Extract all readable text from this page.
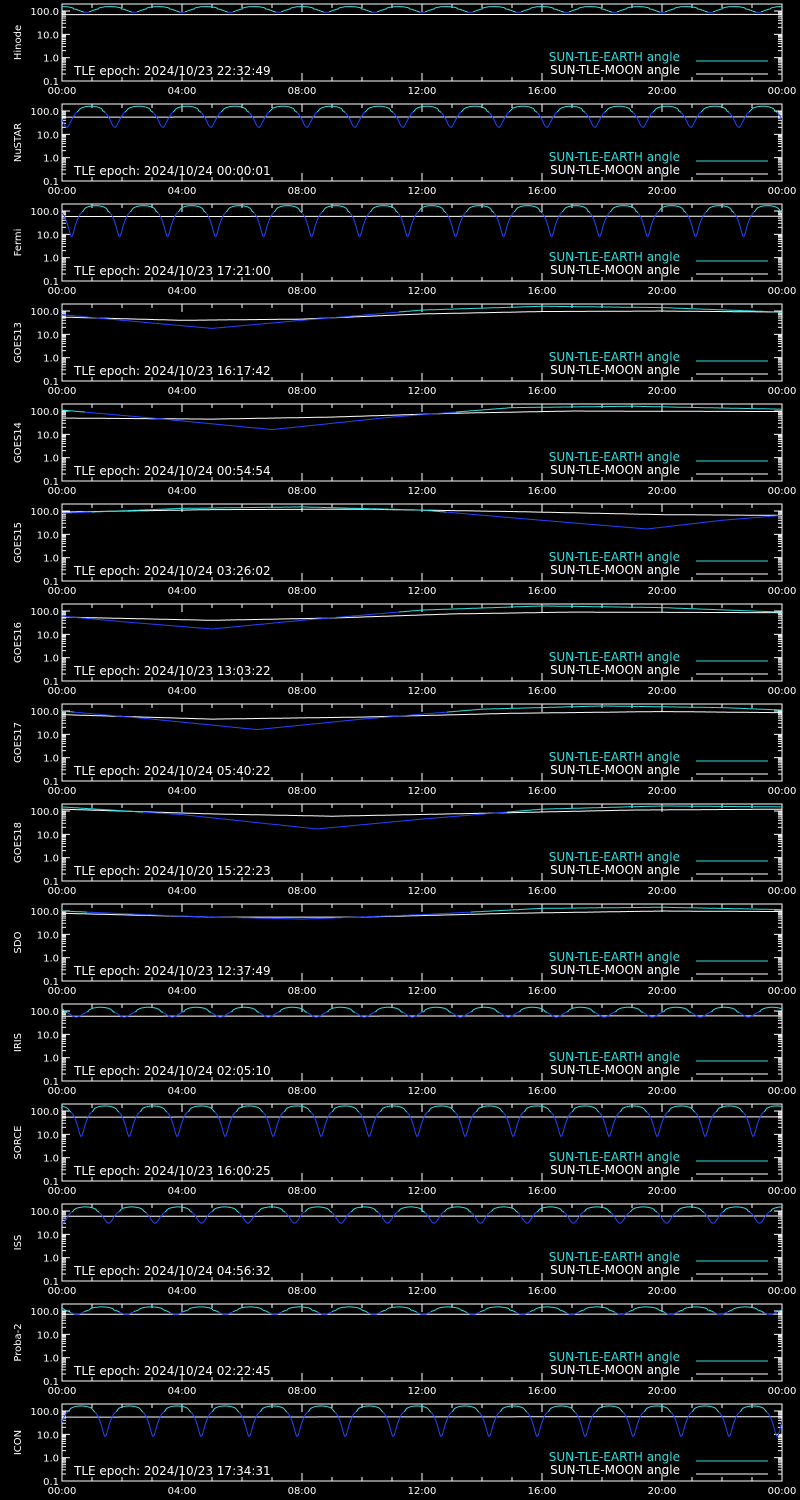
Hinode
100.0
10.0
1.0
0.1
00:00	04:00	08:00	12:00	16:00	20:00	00:00
TLE epoch: 2024/10/23 22:32:49
SUN-TLE-EARTH angle
SUN-TLE-MOON angle
NuSTAR
100.0
10.0
1.0
0.1
00:00	04:00	08:00	12:00	16:00	20:00	00:00
TLE epoch: 2024/10/24 00:00:01
SUN-TLE-EARTH angle
SUN-TLE-MOON angle
Fermi
100.0
10.0
1.0
0.1
00:00	04:00	08:00	12:00	16:00	20:00	00:00
TLE epoch: 2024/10/23 17:21:00
SUN-TLE-EARTH angle
SUN-TLE-MOON angle
GOES13
100.0
10.0
1.0
0.1
00:00	04:00	08:00	12:00	16:00	20:00	00:00
TLE epoch: 2024/10/23 16:17:42
SUN-TLE-EARTH angle
SUN-TLE-MOON angle
GOES14
100.0
10.0
1.0
0.1
00:00	04:00	08:00	12:00	16:00	20:00	00:00
TLE epoch: 2024/10/24 00:54:54
SUN-TLE-EARTH angle
SUN-TLE-MOON angle
GOES15
100.0
10.0
1.0
0.1
00:00	04:00	08:00	12:00	16:00	20:00	00:00
TLE epoch: 2024/10/24 03:26:02
SUN-TLE-EARTH angle
SUN-TLE-MOON angle
GOES16
100.0
10.0
1.0
0.1
00:00	04:00	08:00	12:00	16:00	20:00	00:00
TLE epoch: 2024/10/23 13:03:22
SUN-TLE-EARTH angle
SUN-TLE-MOON angle
GOES17
100.0
10.0
1.0
0.1
00:00	04:00	08:00	12:00	16:00	20:00	00:00
TLE epoch: 2024/10/24 05:40:22
SUN-TLE-EARTH angle
SUN-TLE-MOON angle
GOES18
100.0
10.0
1.0
0.1
00:00	04:00	08:00	12:00	16:00	20:00	00:00
TLE epoch: 2024/10/20 15:22:23
SUN-TLE-EARTH angle
SUN-TLE-MOON angle
SDO
100.0
10.0
1.0
0.1
00:00	04:00	08:00	12:00	16:00	20:00	00:00
TLE epoch: 2024/10/23 12:37:49
SUN-TLE-EARTH angle
SUN-TLE-MOON angle
IRIS
100.0
10.0
1.0
0.1
00:00	04:00	08:00	12:00	16:00	20:00	00:00
TLE epoch: 2024/10/24 02:05:10
SUN-TLE-EARTH angle
SUN-TLE-MOON angle
SORCE
100.0
10.0
1.0
0.1
00:00	04:00	08:00	12:00	16:00	20:00	00:00
TLE epoch: 2024/10/23 16:00:25
SUN-TLE-EARTH angle
SUN-TLE-MOON angle
ISS
100.0
10.0
1.0
0.1
00:00	04:00	08:00	12:00	16:00	20:00	00:00
TLE epoch: 2024/10/24 04:56:32
SUN-TLE-EARTH angle
SUN-TLE-MOON angle
Proba-2
100.0
10.0
1.0
0.1
00:00	04:00	08:00	12:00	16:00	20:00	00:00
TLE epoch: 2024/10/24 02:22:45
SUN-TLE-EARTH angle
SUN-TLE-MOON angle
ICON
100.0
10.0
1.0
0.1
00:00	04:00	08:00	12:00	16:00	20:00	00:00
TLE epoch: 2024/10/23 17:34:31
SUN-TLE-EARTH angle
SUN-TLE-MOON angle
